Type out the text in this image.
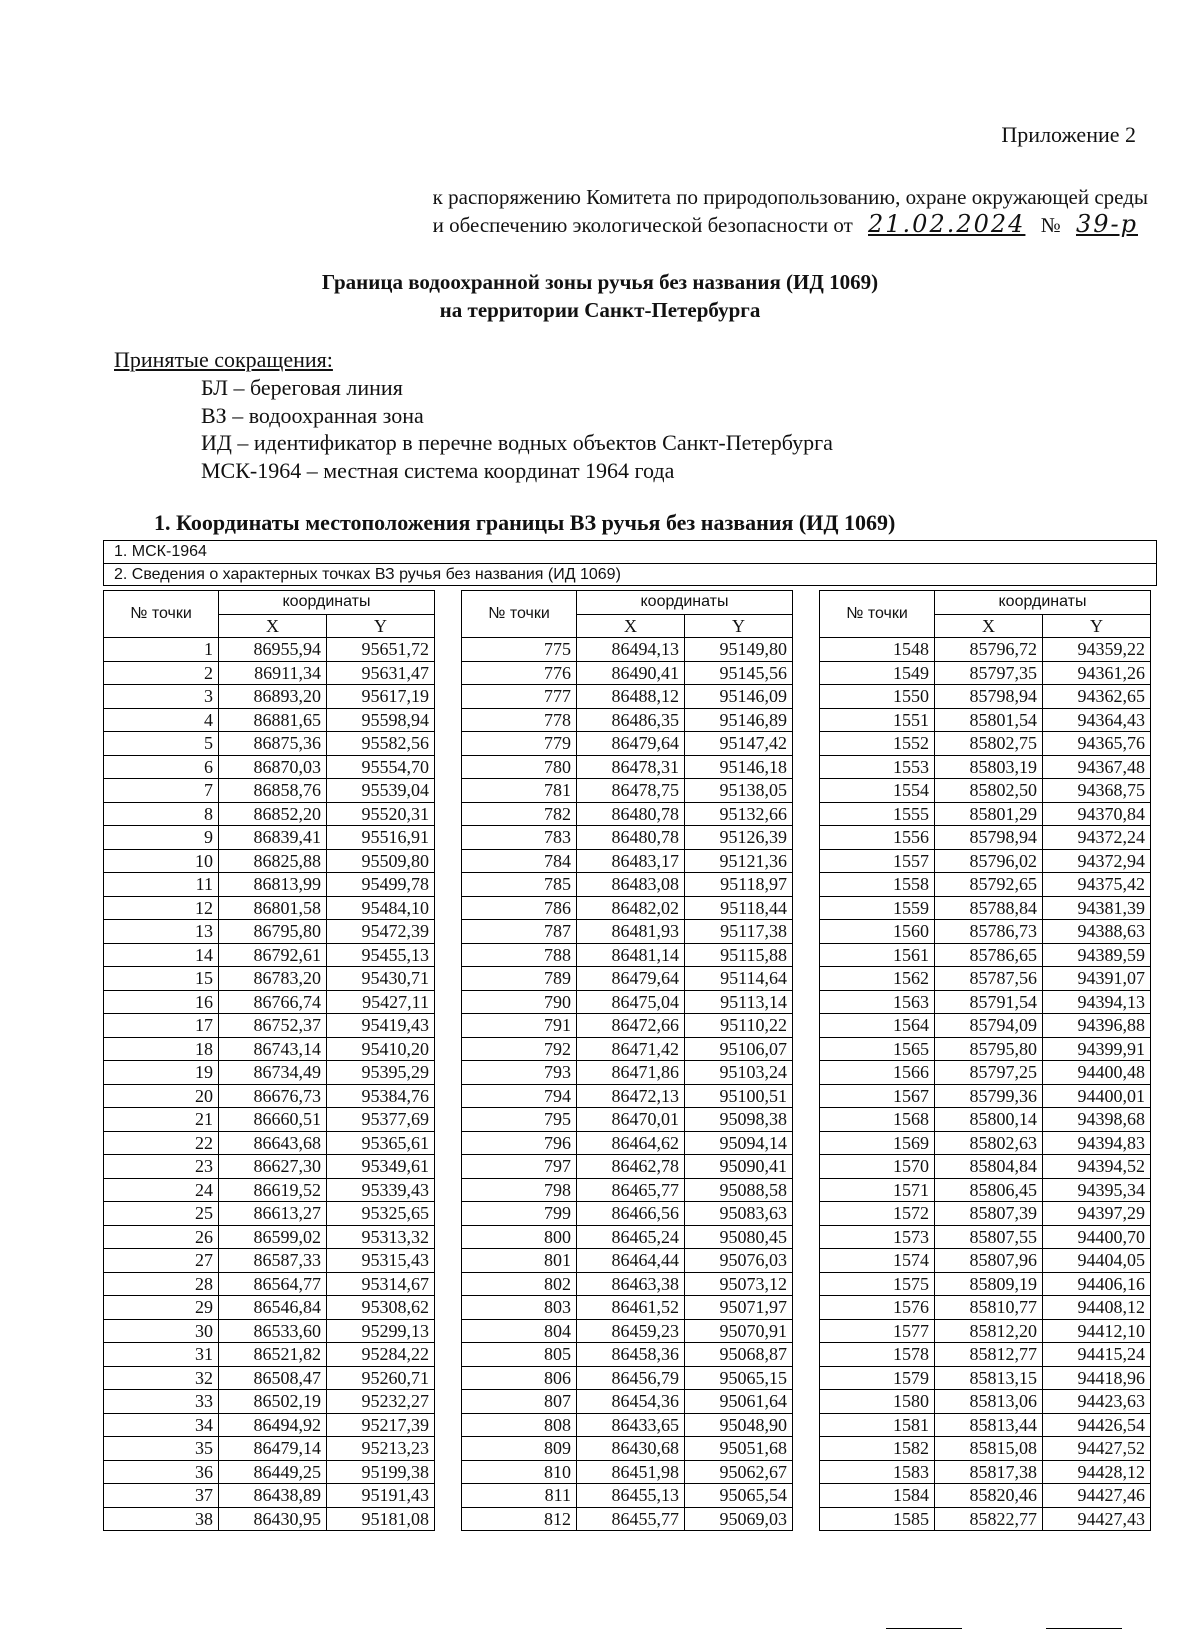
Приложение 2
к распоряжению Комитета по природопользованию, охране окружающей среды
и обеспечению экологической безопасности от 21.02.2024 № 39-р
Граница водоохранной зоны ручья без названия (ИД 1069)
на территории Санкт-Петербурга
Принятые сокращения:
БЛ – береговая линия
ВЗ – водоохранная зона
ИД – идентификатор в перечне водных объектов Санкт-Петербурга
МСК-1964 – местная система координат 1964 года
1. Координаты местоположения границы ВЗ ручья без названия (ИД 1069)
1. МСК-1964
2. Сведения о характерных точках ВЗ ручья без названия (ИД 1069)
№ точки	координаты	
	X	Y
1	86955,94	95651,72
2	86911,34	95631,47
3	86893,20	95617,19
4	86881,65	95598,94
5	86875,36	95582,56
6	86870,03	95554,70
7	86858,76	95539,04
8	86852,20	95520,31
9	86839,41	95516,91
10	86825,88	95509,80
11	86813,99	95499,78
12	86801,58	95484,10
13	86795,80	95472,39
14	86792,61	95455,13
15	86783,20	95430,71
16	86766,74	95427,11
17	86752,37	95419,43
18	86743,14	95410,20
19	86734,49	95395,29
20	86676,73	95384,76
21	86660,51	95377,69
22	86643,68	95365,61
23	86627,30	95349,61
24	86619,52	95339,43
25	86613,27	95325,65
26	86599,02	95313,32
27	86587,33	95315,43
28	86564,77	95314,67
29	86546,84	95308,62
30	86533,60	95299,13
31	86521,82	95284,22
32	86508,47	95260,71
33	86502,19	95232,27
34	86494,92	95217,39
35	86479,14	95213,23
36	86449,25	95199,38
37	86438,89	95191,43
38	86430,95	95181,08
№ точки	координаты	
	X	Y
775	86494,13	95149,80
776	86490,41	95145,56
777	86488,12	95146,09
778	86486,35	95146,89
779	86479,64	95147,42
780	86478,31	95146,18
781	86478,75	95138,05
782	86480,78	95132,66
783	86480,78	95126,39
784	86483,17	95121,36
785	86483,08	95118,97
786	86482,02	95118,44
787	86481,93	95117,38
788	86481,14	95115,88
789	86479,64	95114,64
790	86475,04	95113,14
791	86472,66	95110,22
792	86471,42	95106,07
793	86471,86	95103,24
794	86472,13	95100,51
795	86470,01	95098,38
796	86464,62	95094,14
797	86462,78	95090,41
798	86465,77	95088,58
799	86466,56	95083,63
800	86465,24	95080,45
801	86464,44	95076,03
802	86463,38	95073,12
803	86461,52	95071,97
804	86459,23	95070,91
805	86458,36	95068,87
806	86456,79	95065,15
807	86454,36	95061,64
808	86433,65	95048,90
809	86430,68	95051,68
810	86451,98	95062,67
811	86455,13	95065,54
812	86455,77	95069,03
№ точки	координаты	
	X	Y
1548	85796,72	94359,22
1549	85797,35	94361,26
1550	85798,94	94362,65
1551	85801,54	94364,43
1552	85802,75	94365,76
1553	85803,19	94367,48
1554	85802,50	94368,75
1555	85801,29	94370,84
1556	85798,94	94372,24
1557	85796,02	94372,94
1558	85792,65	94375,42
1559	85788,84	94381,39
1560	85786,73	94388,63
1561	85786,65	94389,59
1562	85787,56	94391,07
1563	85791,54	94394,13
1564	85794,09	94396,88
1565	85795,80	94399,91
1566	85797,25	94400,48
1567	85799,36	94400,01
1568	85800,14	94398,68
1569	85802,63	94394,83
1570	85804,84	94394,52
1571	85806,45	94395,34
1572	85807,39	94397,29
1573	85807,55	94400,70
1574	85807,96	94404,05
1575	85809,19	94406,16
1576	85810,77	94408,12
1577	85812,20	94412,10
1578	85812,77	94415,24
1579	85813,15	94418,96
1580	85813,06	94423,63
1581	85813,44	94426,54
1582	85815,08	94427,52
1583	85817,38	94428,12
1584	85820,46	94427,46
1585	85822,77	94427,43
